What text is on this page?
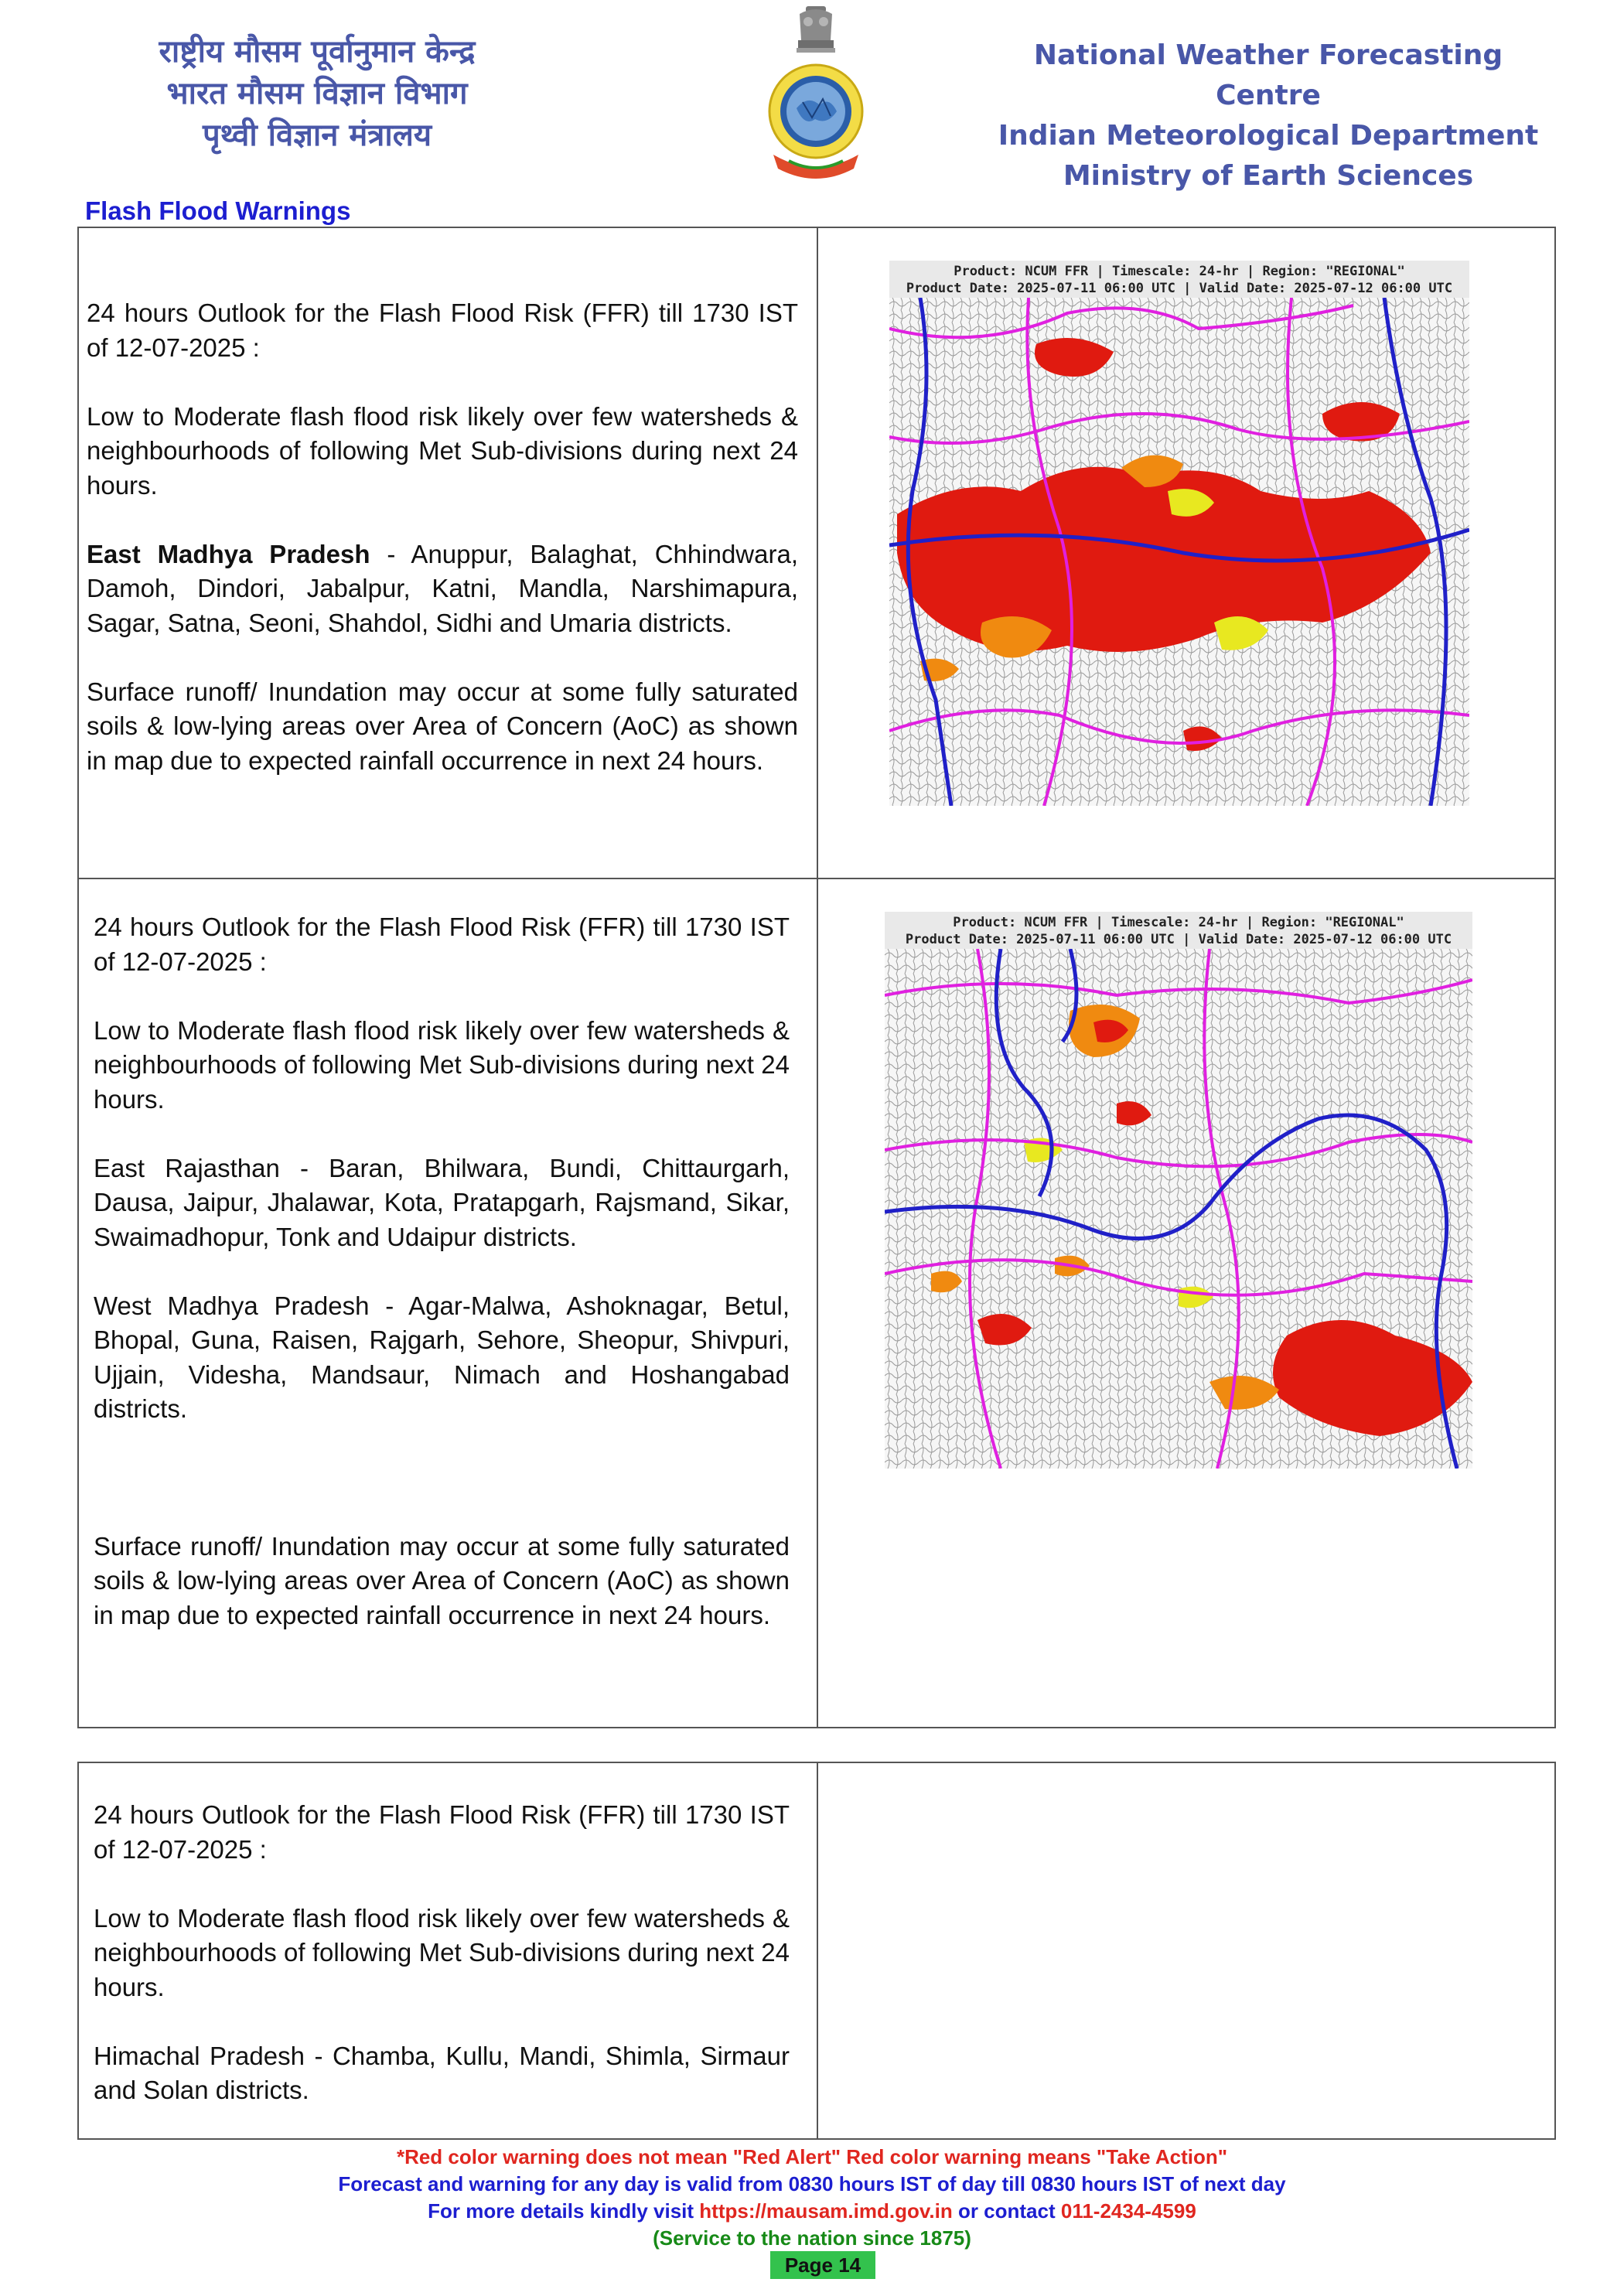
राष्ट्रीय मौसम पूर्वानुमान केन्द्र
भारत मौसम विज्ञान विभाग
पृथ्वी विज्ञान मंत्रालय
National Weather Forecasting Centre
Indian Meteorological Department
Ministry of Earth Sciences
Flash Flood Warnings

24 hours Outlook for the Flash Flood Risk (FFR) till 1730 IST of 12-07-2025 :

Low to Moderate flash flood risk likely over few watersheds & neighbourhoods of following Met Sub-divisions during next 24 hours.

East Madhya Pradesh - Anuppur, Balaghat, Chhindwara, Damoh, Dindori, Jabalpur, Katni, Mandla, Narshimapura, Sagar, Satna, Seoni, Shahdol, Sidhi and Umaria districts.

Surface runoff/ Inundation may occur at some fully saturated soils & low-lying areas over Area of Concern (AoC) as shown in map due to expected rainfall occurrence in next 24 hours.

Product: NCUM FFR | Timescale: 24-hr | Region: "REGIONAL"
Product Date: 2025-07-11 06:00 UTC | Valid Date: 2025-07-12 06:00 UTC

24 hours Outlook for the Flash Flood Risk (FFR) till 1730 IST of 12-07-2025 :

Low to Moderate flash flood risk likely over few watersheds & neighbourhoods of following Met Sub-divisions during next 24 hours.

East Rajasthan - Baran, Bhilwara, Bundi, Chittaurgarh, Dausa, Jaipur, Jhalawar, Kota, Pratapgarh, Rajsmand, Sikar, Swaimadhopur, Tonk and Udaipur districts.

West Madhya Pradesh - Agar-Malwa, Ashoknagar, Betul, Bhopal, Guna, Raisen, Rajgarh, Sehore, Sheopur, Shivpuri, Ujjain, Videsha, Mandsaur, Nimach and Hoshangabad districts.

Surface runoff/ Inundation may occur at some fully saturated soils & low-lying areas over Area of Concern (AoC) as shown in map due to expected rainfall occurrence in next 24 hours.

Product: NCUM FFR | Timescale: 24-hr | Region: "REGIONAL"
Product Date: 2025-07-11 06:00 UTC | Valid Date: 2025-07-12 06:00 UTC

24 hours Outlook for the Flash Flood Risk (FFR) till 1730 IST of 12-07-2025 :

Low to Moderate flash flood risk likely over few watersheds & neighbourhoods of following Met Sub-divisions during next 24 hours.

Himachal Pradesh - Chamba, Kullu, Mandi, Shimla, Sirmaur and Solan districts.

*Red color warning does not mean "Red Alert" Red color warning means "Take Action"
Forecast and warning for any day is valid from 0830 hours IST of day till 0830 hours IST of next day
For more details kindly visit https://mausam.imd.gov.in or contact 011-2434-4599
(Service to the nation since 1875)
Page 14
